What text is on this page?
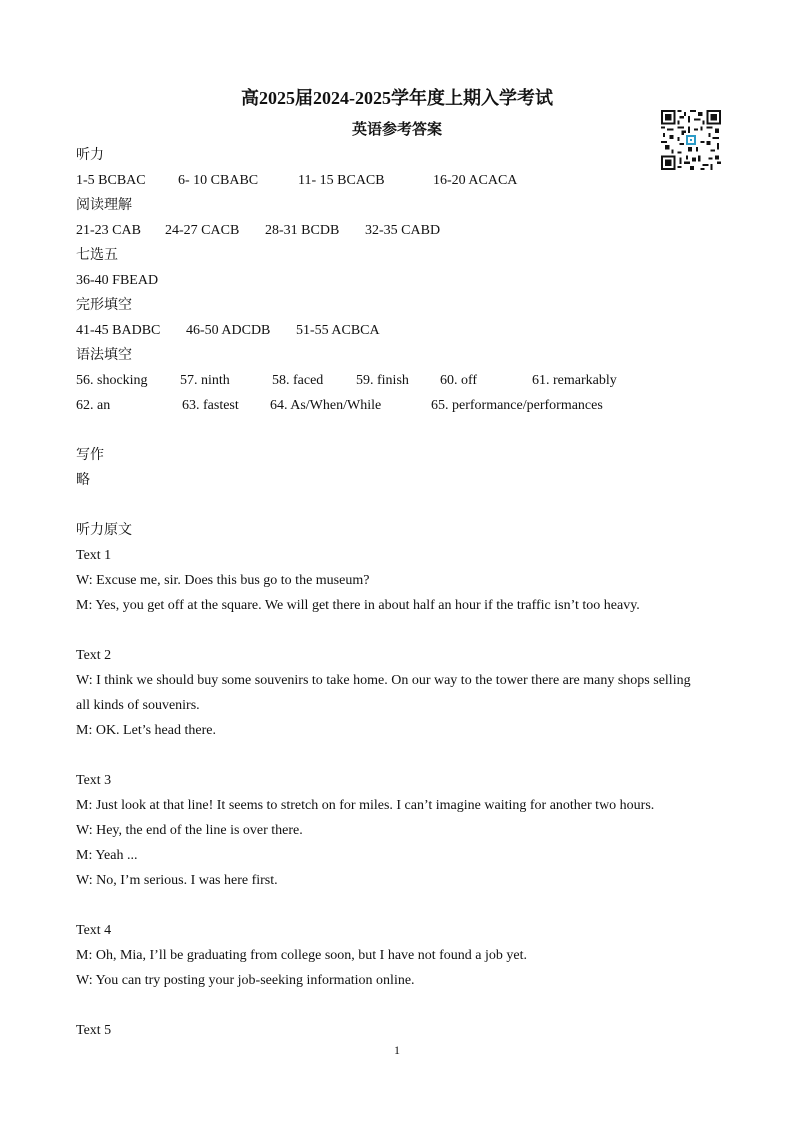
高2025届2024-2025学年度上期入学考试
英语参考答案
听力
1-5 BCBAC 6- 10 CBABC	11- 15 BCACB	16-20 ACACA
阅读理解
21-23 CAB 24-27 CACB 28-31 BCDB 32-35 CABD
七选五
36-40 FBEAD
完形填空
41-45 BADBC 46-50 ADCDB 51-55 ACBCA
语法填空
56. shocking 57. ninth	58. faced 59. finish 60. off	61. remarkably
62. an	63. fastest 64. As/When/While	65. performance/performances
写作
略
听力原文
Text 1
W: Excuse me, sir. Does this bus go to the museum?
M: Yes, you get off at the square. We will get there in about half an hour if the traffic isn’t too heavy.
Text 2
W: I think we should buy some souvenirs to take home. On our way to the tower there are many shops selling
all kinds of souvenirs.
M: OK. Let’s head there.
Text 3
M: Just look at that line! It seems to stretch on for miles. I can’t imagine waiting for another two hours.
W: Hey, the end of the line is over there.
M: Yeah ...
W: No, I’m serious. I was here first.
Text 4
M: Oh, Mia, I’ll be graduating from college soon, but I have not found a job yet.
W: You can try posting your job-seeking information online.
Text 5
1
